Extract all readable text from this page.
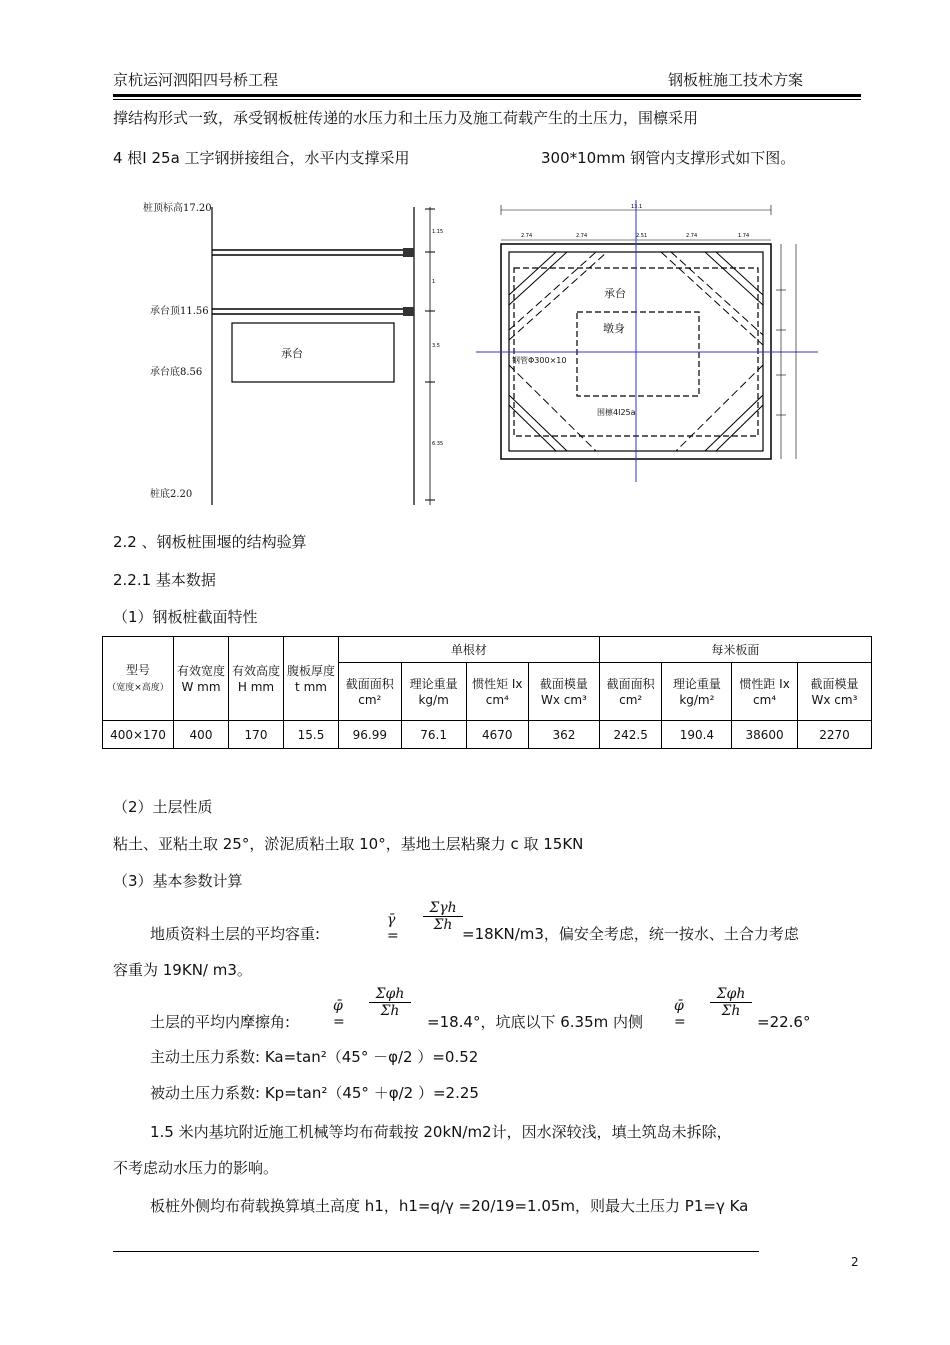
京杭运河泗阳四号桥工程	钢板桩施工技术方案
撑结构形式一致，承受钢板桩传递的水压力和土压力及施工荷载产生的土压力，围檩采用
4 根Ⅰ 25a 工字钢拼接组合，水平内支撑采用	300*10mm 钢管内支撑形式如下图。
1.15
1
3.5
6.35
桩顶标高17.20
承台顶11.56
承台底8.56
桩底2.20
承台
13.1
2.74	2.74	2.51	2.74	1.74
承台
墩身
钢管Φ300×10
围檩4I25a
2.2 、钢板桩围堰的结构验算
2.2.1 基本数据
（1）钢板桩截面特性
型号
（宽度×高度）	有效宽度 W mm	有效高度 H mm	腹板厚度 t mm	单根材				每米板面			
				截面面积 cm²	理论重量 kg/m	惯性矩 Ix cm⁴	截面模量 Wx cm³	截面面积 cm²	理论重量 kg/m²	惯性距 Ix cm⁴	截面模量 Wx cm³
400×170	400	170	15.5	96.99	76.1	4670	362	242.5	190.4	38600	2270
（2）土层性质
粘土、亚粘土取 25°，淤泥质粘土取 10°，基地土层粘聚力 c 取 15KN
（3）基本参数计算
地质资料土层的平均容重:
γ̄ =
Σγh
Σh =18KN/m3，偏安全考虑，统一按水、土合力考虑
容重为 19KN/ m3。
土层的平均内摩擦角:
φ̄ =
Σφh
Σh
=18.4°，坑底以下 6.35m 内侧
φ̄ =
Σφh
Σh
=22.6°
主动土压力系数: Ka=tan²（45° －φ/2 ）=0.52
被动土压力系数: Kp=tan²（45° ＋φ/2 ）=2.25
1.5 米内基坑附近施工机械等均布荷载按 20kN/m2计，因水深较浅，填土筑岛未拆除，
不考虑动水压力的影响。
板桩外侧均布荷载换算填土高度 h1，h1=q/γ =20/19=1.05m，则最大土压力 P1=γ Ka
2
